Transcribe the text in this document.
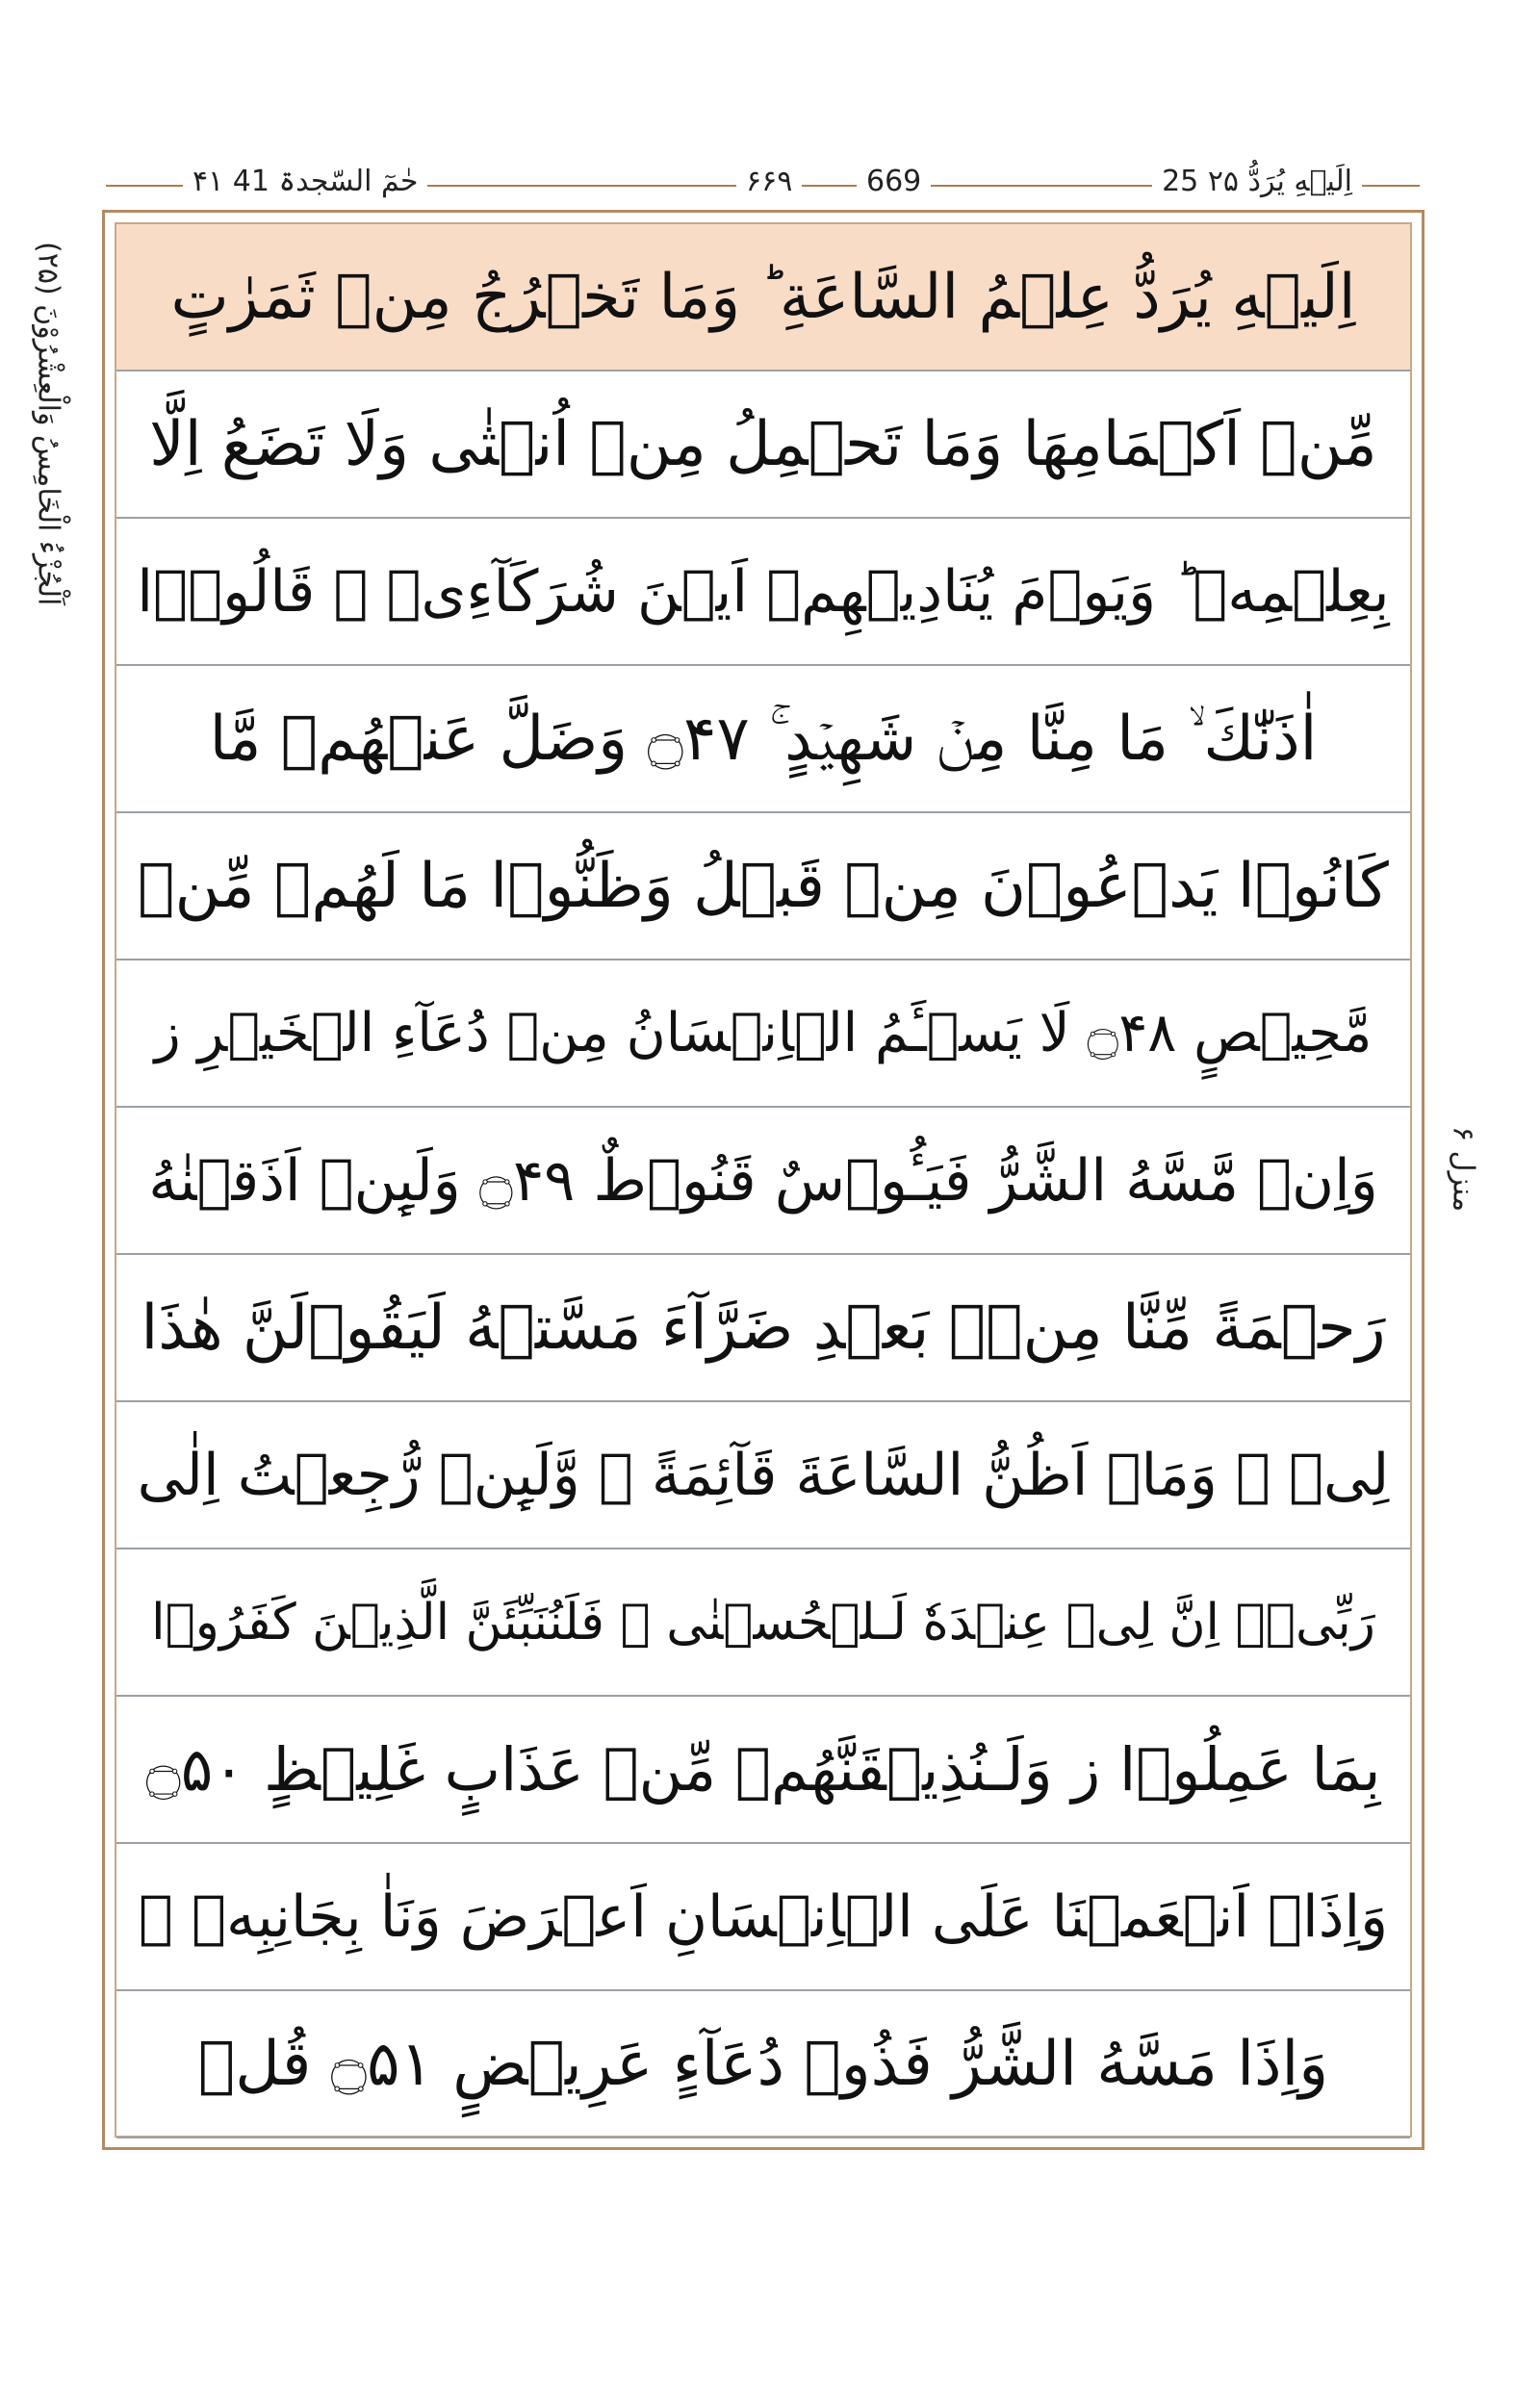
۴۱ حٰمٓ السّجدۃ 41	۶۶۹	669	25 اِلَيۡهِ يُرَدُّ ۲۵
اَلْجُزْءُ الْخَامِسُ وَالْعِشْرُوْنَ (۲۵)
منزل ۶
اِلَيۡهِ يُرَدُّ عِلۡمُ السَّاعَةِ ؕ وَمَا تَخۡرُجُ مِنۡ ثَمَرٰتٍ
مِّنۡ اَكۡمَامِهَا وَمَا تَحۡمِلُ مِنۡ اُنۡثٰى وَلَا تَضَعُ اِلَّا
بِعِلۡمِهٖ ؕ وَيَوۡمَ يُنَادِيۡهِمۡ اَيۡنَ شُرَكَآءِىۡ ۙ قَالُوۡۤا
اٰذَنّٰكَ ۙ مَا مِنَّا مِنۡ شَهِيۡدٍ ۚ ۝۴۷ وَضَلَّ عَنۡهُمۡ مَّا
كَانُوۡا يَدۡعُوۡنَ مِنۡ قَبۡلُ وَظَنُّوۡا مَا لَهُمۡ مِّنۡ
مَّحِيۡصٍ ۝۴۸ لَا يَسۡـَٔمُ الۡاِنۡسَانُ مِنۡ دُعَآءِ الۡخَيۡرِ ز
وَاِنۡ مَّسَّهُ الشَّرُّ فَيَـُٔوۡسٌ قَنُوۡطٌ ۝۴۹ وَلَٮِٕنۡ اَذَقۡنٰهُ
رَحۡمَةً مِّنَّا مِنۡۢ بَعۡدِ ضَرَّآءَ مَسَّتۡهُ لَيَقُوۡلَنَّ هٰذَا
لِىۡ ۙ وَمَاۤ اَظُنُّ السَّاعَةَ قَآئِمَةً ۙ وَّلَٮِٕنۡ رُّجِعۡتُ اِلٰى
رَبِّىۡۤ اِنَّ لِىۡ عِنۡدَهٗ لَـلۡحُسۡنٰى ۚ فَلَنُنَبِّئَنَّ الَّذِيۡنَ كَفَرُوۡا
بِمَا عَمِلُوۡا ز وَلَـنُذِيۡقَنَّهُمۡ مِّنۡ عَذَابٍ غَلِيۡظٍ ۝۵۰
وَاِذَاۤ اَنۡعَمۡنَا عَلَى الۡاِنۡسَانِ اَعۡرَضَ وَنَاٰ بِجَانِبِهٖ ۚ
وَاِذَا مَسَّهُ الشَّرُّ فَذُوۡ دُعَآءٍ عَرِيۡضٍ ۝۵۱ قُلۡ
